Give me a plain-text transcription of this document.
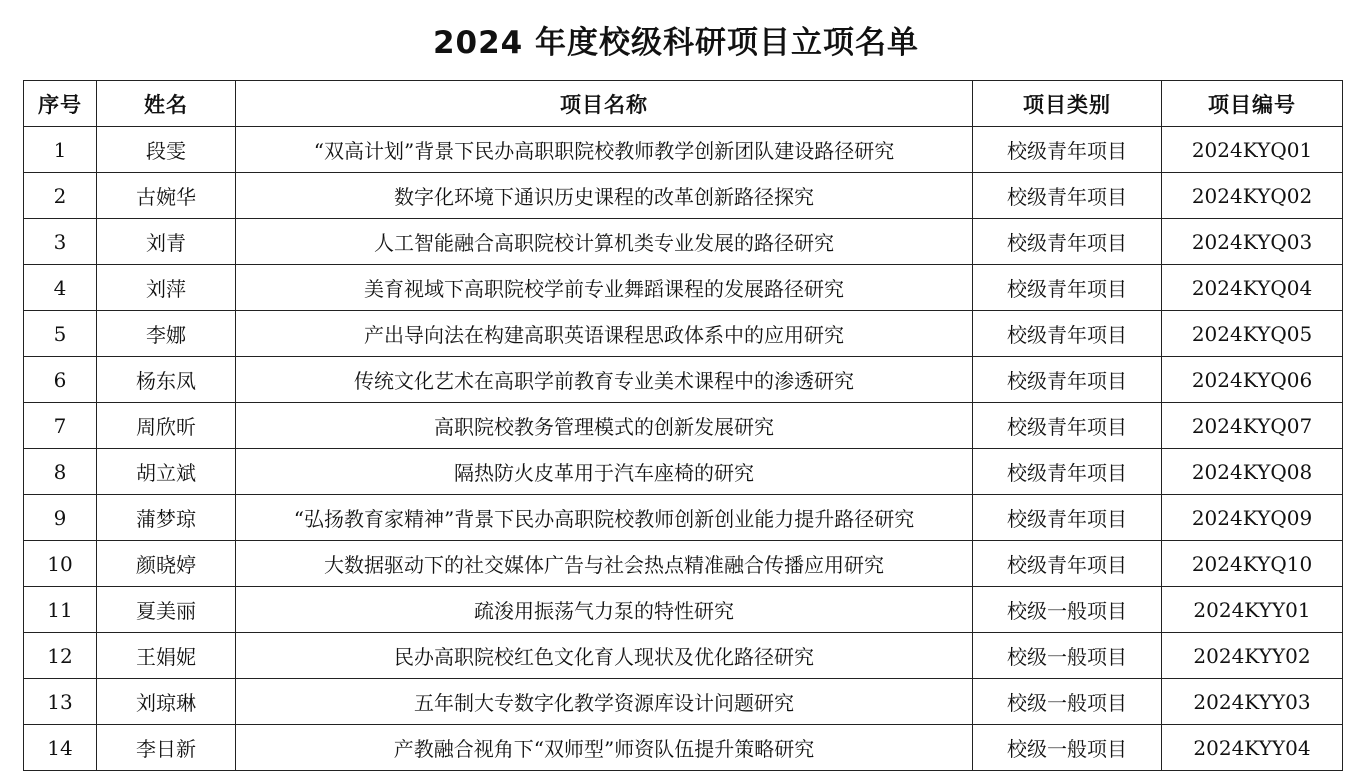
2024 年度校级科研项目立项名单
序号	姓名	项目名称	项目类别	项目编号
1	段雯	“双高计划”背景下民办高职职院校教师教学创新团队建设路径研究	校级青年项目	2024KYQ01
2	古婉华	数字化环境下通识历史课程的改革创新路径探究	校级青年项目	2024KYQ02
3	刘青	人工智能融合高职院校计算机类专业发展的路径研究	校级青年项目	2024KYQ03
4	刘萍	美育视域下高职院校学前专业舞蹈课程的发展路径研究	校级青年项目	2024KYQ04
5	李娜	产出导向法在构建高职英语课程思政体系中的应用研究	校级青年项目	2024KYQ05
6	杨东凤	传统文化艺术在高职学前教育专业美术课程中的渗透研究	校级青年项目	2024KYQ06
7	周欣昕	高职院校教务管理模式的创新发展研究	校级青年项目	2024KYQ07
8	胡立斌	隔热防火皮革用于汽车座椅的研究	校级青年项目	2024KYQ08
9	蒲梦琼	“弘扬教育家精神”背景下民办高职院校教师创新创业能力提升路径研究	校级青年项目	2024KYQ09
10	颜晓婷	大数据驱动下的社交媒体广告与社会热点精准融合传播应用研究	校级青年项目	2024KYQ10
11	夏美丽	疏浚用振荡气力泵的特性研究	校级一般项目	2024KYY01
12	王娟妮	民办高职院校红色文化育人现状及优化路径研究	校级一般项目	2024KYY02
13	刘琼琳	五年制大专数字化教学资源库设计问题研究	校级一般项目	2024KYY03
14	李日新	产教融合视角下“双师型”师资队伍提升策略研究	校级一般项目	2024KYY04
